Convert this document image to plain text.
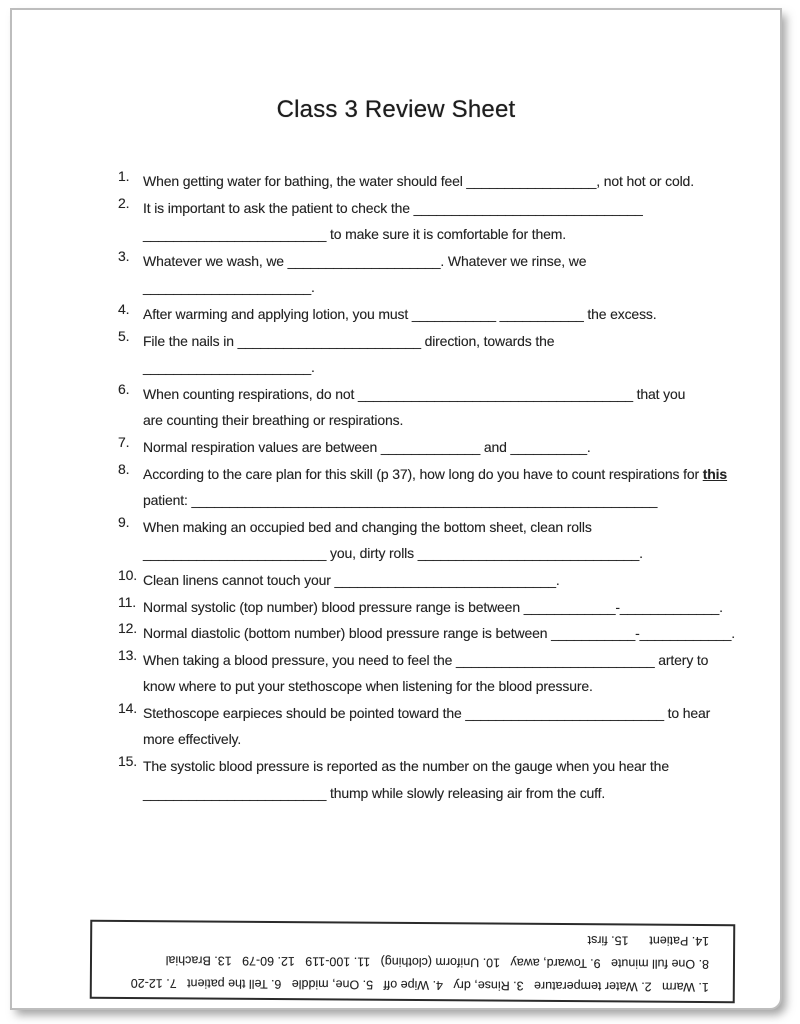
Class 3 Review Sheet
1. When getting water for bathing, the water should feel _________________, not hot or cold.
2. It is important to ask the patient to check the ______________________________
________________________ to make sure it is comfortable for them.
3. Whatever we wash, we ____________________. Whatever we rinse, we
______________________.
4. After warming and applying lotion, you must ___________ ___________ the excess.
5. File the nails in ________________________ direction, towards the
______________________.
6. When counting respirations, do not ____________________________________ that you
are counting their breathing or respirations.
7. Normal respiration values are between _____________ and __________.
8. According to the care plan for this skill (p 37), how long do you have to count respirations for this
patient: _____________________________________________________________
9. When making an occupied bed and changing the bottom sheet, clean rolls
________________________ you, dirty rolls _____________________________.
10. Clean linens cannot touch your _____________________________.
11. Normal systolic (top number) blood pressure range is between ____________-_____________.
12. Normal diastolic (bottom number) blood pressure range is between ___________-____________.
13. When taking a blood pressure, you need to feel the __________________________ artery to
know where to put your stethoscope when listening for the blood pressure.
14. Stethoscope earpieces should be pointed toward the __________________________ to hear
more effectively.
15. The systolic blood pressure is reported as the number on the gauge when you hear the
________________________ thump while slowly releasing air from the cuff.
1. Warm   2. Water temperature   3. Rinse, dry   4. Wipe off   5. One, middle   6. Tell the patient   7. 12-20
8. One full minute   9. Toward, away   10. Uniform (clothing)   11. 100-119   12. 60-79   13. Brachial
14. Patient      15. first
